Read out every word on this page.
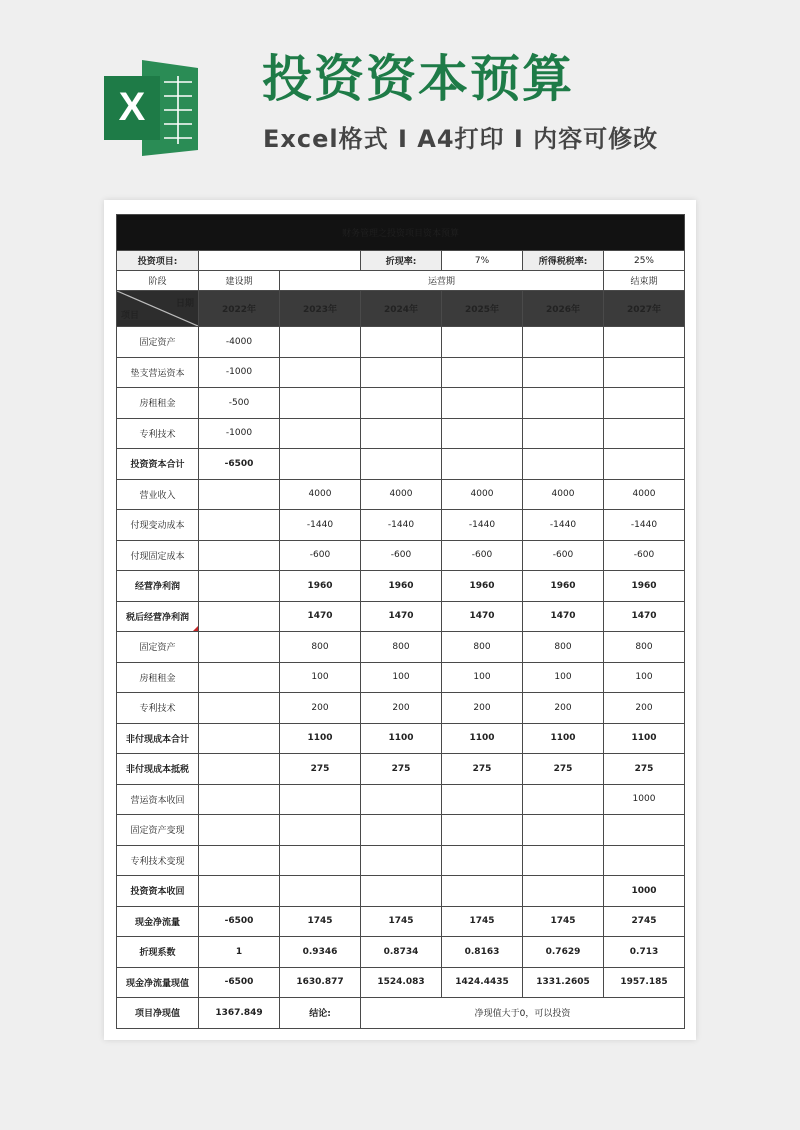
X 投资资本预算
Excel格式 I A4打印 I 内容可修改
财务管理之投资项目资本预算						
投资项目:			折现率:	7%	所得税税率:	25%
阶段	建设期	运营期				结束期

日期
项目	2022年	2023年	2024年	2025年	2026年	2027年
固定资产	-4000					
垫支营运资本	-1000					
房租租金	-500					
专利技术	-1000					
投资资本合计	-6500					
营业收入		4000	4000	4000	4000	4000
付现变动成本		-1440	-1440	-1440	-1440	-1440
付现固定成本		-600	-600	-600	-600	-600
经营净利润		1960	1960	1960	1960	1960
税后经营净利润		1470	1470	1470	1470	1470
固定资产		800	800	800	800	800
房租租金		100	100	100	100	100
专利技术		200	200	200	200	200
非付现成本合计		1100	1100	1100	1100	1100
非付现成本抵税		275	275	275	275	275
营运资本收回						1000
固定资产变现						
专利技术变现						
投资资本收回						1000
现金净流量	-6500	1745	1745	1745	1745	2745
折现系数	1	0.9346	0.8734	0.8163	0.7629	0.713
现金净流量现值	-6500	1630.877	1524.083	1424.4435	1331.2605	1957.185
项目净现值	1367.849	结论:	净现值大于0，可以投资			
